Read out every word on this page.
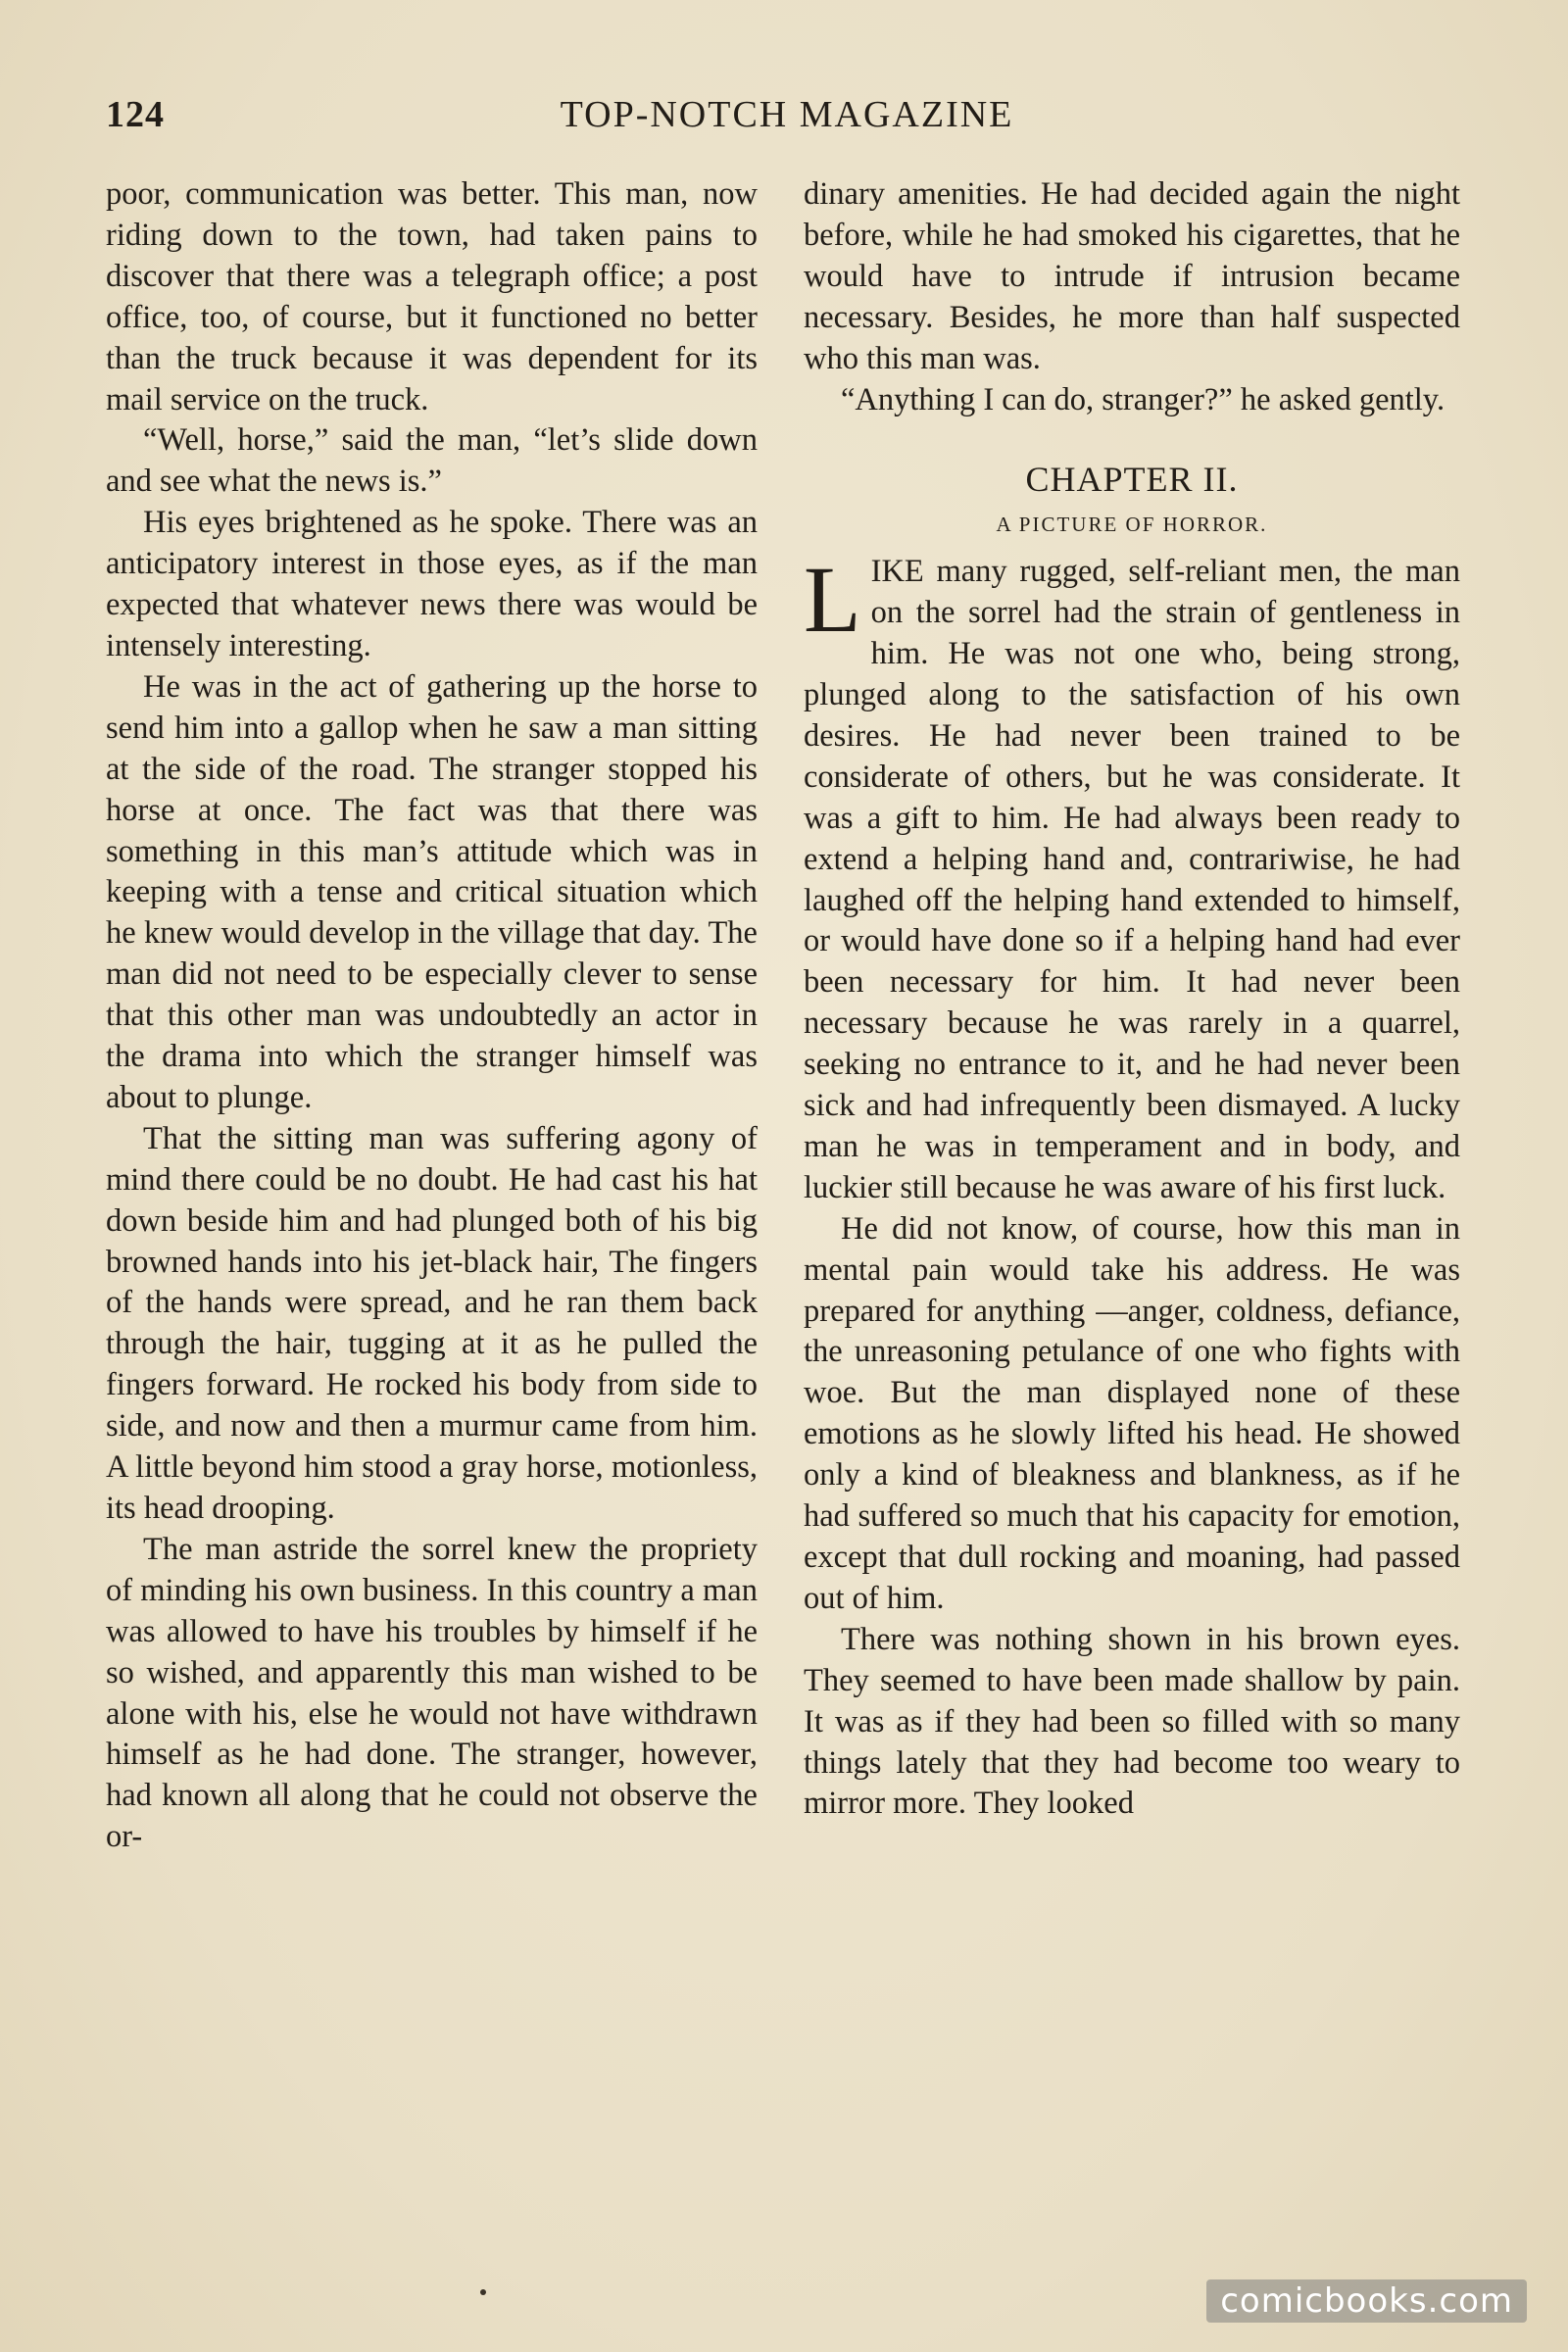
124	TOP-NOTCH MAGAZINE

poor, communication was better. This man, now riding down to the town, had taken pains to discover that there was a telegraph office; a post office, too, of course, but it functioned no better than the truck because it was dependent for its mail service on the truck.

“Well, horse,” said the man, “let’s slide down and see what the news is.”

His eyes brightened as he spoke. There was an anticipatory interest in those eyes, as if the man expected that whatever news there was would be intensely interesting.

He was in the act of gathering up the horse to send him into a gallop when he saw a man sitting at the side of the road. The stranger stopped his horse at once. The fact was that there was something in this man’s attitude which was in keeping with a tense and critical situation which he knew would develop in the village that day. The man did not need to be especially clever to sense that this other man was undoubtedly an actor in the drama into which the stranger himself was about to plunge.

That the sitting man was suffering agony of mind there could be no doubt. He had cast his hat down beside him and had plunged both of his big browned hands into his jet-black hair, The fingers of the hands were spread, and he ran them back through the hair, tugging at it as he pulled the fingers forward. He rocked his body from side to side, and now and then a murmur came from him. A little beyond him stood a gray horse, motionless, its head drooping.

The man astride the sorrel knew the propriety of minding his own business. In this country a man was allowed to have his troubles by himself if he so wished, and apparently this man wished to be alone with his, else he would not have withdrawn himself as he had done. The stranger, however, had known all along that he could not observe the or-

dinary amenities. He had decided again the night before, while he had smoked his cigarettes, that he would have to intrude if intrusion became necessary. Besides, he more than half suspected who this man was.

“Anything I can do, stranger?” he asked gently.

CHAPTER II.
A PICTURE OF HORROR.

LIKE many rugged, self-reliant men, the man on the sorrel had the strain of gentleness in him. He was not one who, being strong, plunged along to the satisfaction of his own desires. He had never been trained to be considerate of others, but he was considerate. It was a gift to him. He had always been ready to extend a helping hand and, contrariwise, he had laughed off the helping hand extended to himself, or would have done so if a helping hand had ever been necessary for him. It had never been necessary because he was rarely in a quarrel, seeking no entrance to it, and he had never been sick and had infrequently been dismayed. A lucky man he was in temperament and in body, and luckier still because he was aware of his first luck.

He did not know, of course, how this man in mental pain would take his address. He was prepared for anything —anger, coldness, defiance, the unreasoning petulance of one who fights with woe. But the man displayed none of these emotions as he slowly lifted his head. He showed only a kind of bleakness and blankness, as if he had suffered so much that his capacity for emotion, except that dull rocking and moaning, had passed out of him.

There was nothing shown in his brown eyes. They seemed to have been made shallow by pain. It was as if they had been so filled with so many things lately that they had become too weary to mirror more. They looked

comicbooks.com
